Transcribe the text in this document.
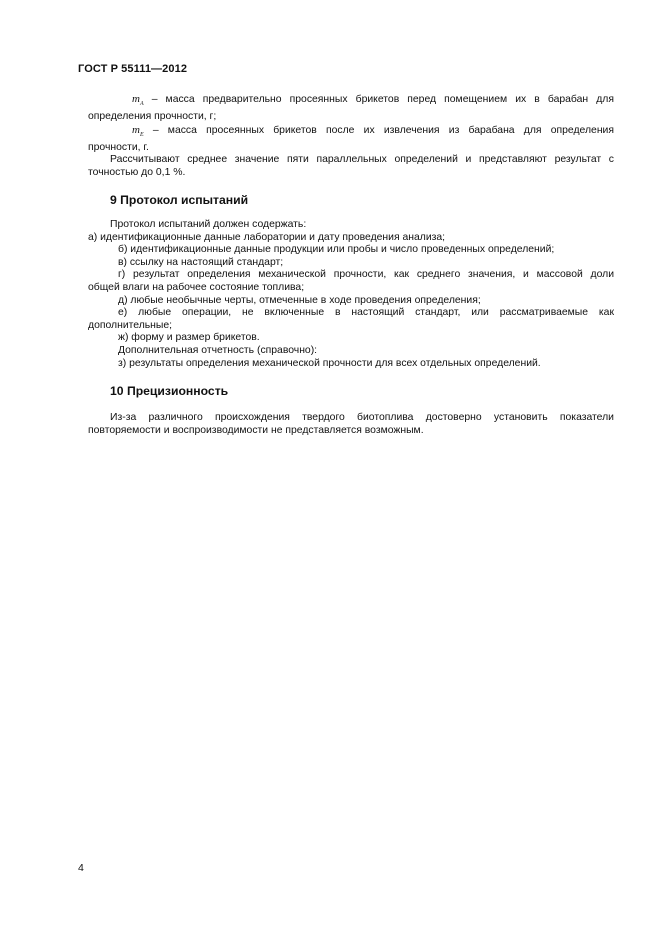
ГОСТ Р 55111—2012
$m_А$ – масса предварительно просеянных брикетов перед помещением их в барабан для
определения прочности, г;
$m_Е$ – масса просеянных брикетов после их извлечения из барабана для определения
прочности, г.
Рассчитывают среднее значение пяти параллельных определений и представляют результат с
точностью до 0,1 %.
9 Протокол испытаний
Протокол испытаний должен содержать:
а) идентификационные данные лаборатории и дату проведения анализа;
б) идентификационные данные продукции или пробы и число проведенных определений;
в) ссылку на настоящий стандарт;
г) результат определения механической прочности, как среднего значения, и массовой доли
общей влаги на рабочее состояние топлива;
д) любые необычные черты, отмеченные в ходе проведения определения;
е) любые операции, не включенные в настоящий стандарт, или рассматриваемые как
дополнительные;
ж) форму и размер брикетов.
Дополнительная отчетность (справочно):
з) результаты определения механической прочности для всех отдельных определений.
10 Прецизионность
Из-за различного происхождения твердого биотоплива достоверно установить показатели
повторяемости и воспроизводимости не представляется возможным.
4
